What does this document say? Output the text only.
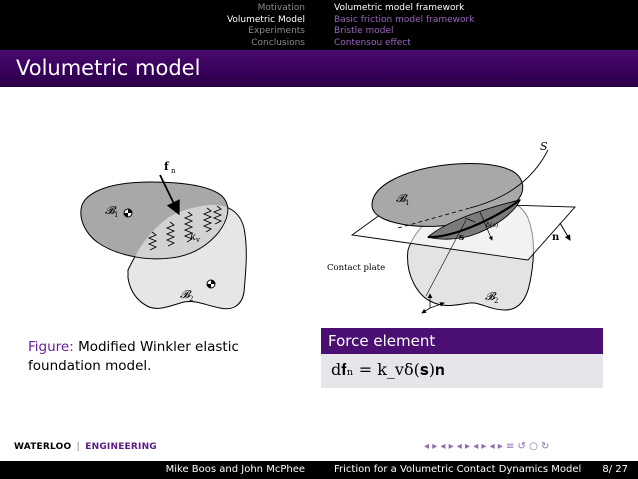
Motivation
Volumetric Model
Experiments
Conclusions
Volumetric model framework
Basic friction model framework
Bristle model
Contensou effect
Volumetric model
f n
𝓑 1
k v
𝓑 2
S
𝓑 1
𝓑 2
n
s
δ(s)
Contact plate
Figure: Modified Winkler elastic foundation model.
Force element
d𝐟ₙ = k_vδ(𝐬)𝐧
WATERLOO | ENGINEERING	◂ ▸ ◂ ▸ ◂ ▸ ◂ ▸ ◂ ▸ ≡ ↺ ○ ↻
Mike Boos and John McPhee	Friction for a Volumetric Contact Dynamics Model 8/ 27
